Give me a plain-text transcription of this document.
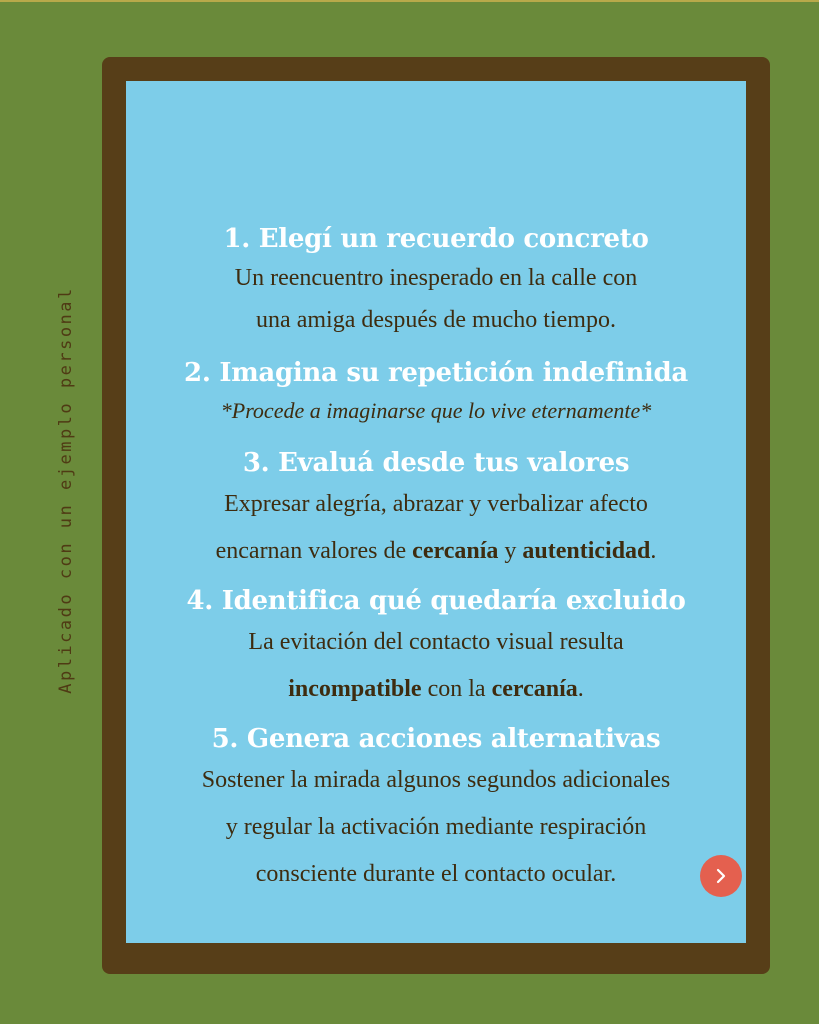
Aplicado con un ejemplo personal
1. Elegí un recuerdo concreto
Un reencuentro inesperado en la calle con
una amiga después de mucho tiempo.
2. Imagina su repetición indefinida
*Procede a imaginarse que lo vive eternamente*
3. Evaluá desde tus valores
Expresar alegría, abrazar y verbalizar afecto
encarnan valores de cercanía y autenticidad.
4. Identifica qué quedaría excluido
La evitación del contacto visual resulta
incompatible con la cercanía.
5. Genera acciones alternativas
Sostener la mirada algunos segundos adicionales
y regular la activación mediante respiración
consciente durante el contacto ocular.
